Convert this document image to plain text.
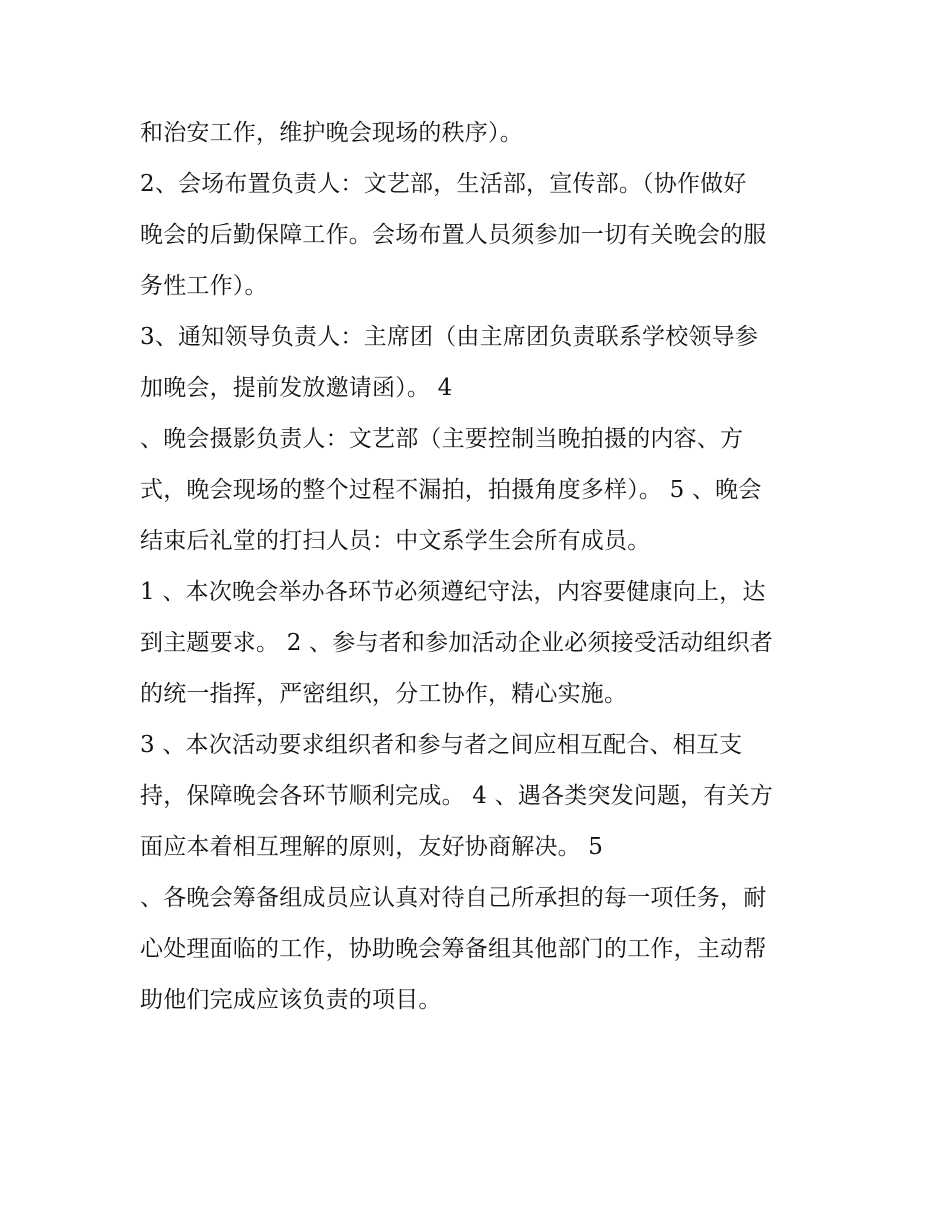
和治安工作，维护晚会现场的秩序）。
2、会场布置负责人：文艺部，生活部，宣传部。（协作做好
晚会的后勤保障工作。会场布置人员须参加一切有关晚会的服
务性工作）。
3、通知领导负责人：主席团（由主席团负责联系学校领导参
加晚会，提前发放邀请函）。 4
、晚会摄影负责人：文艺部（主要控制当晚拍摄的内容、方
式，晚会现场的整个过程不漏拍，拍摄角度多样）。 5 、晚会
结束后礼堂的打扫人员：中文系学生会所有成员。
1 、本次晚会举办各环节必须遵纪守法，内容要健康向上，达
到主题要求。 2 、参与者和参加活动企业必须接受活动组织者
的统一指挥，严密组织，分工协作，精心实施。
3 、本次活动要求组织者和参与者之间应相互配合、相互支
持，保障晚会各环节顺利完成。 4 、遇各类突发问题，有关方
面应本着相互理解的原则，友好协商解决。 5
、各晚会筹备组成员应认真对待自己所承担的每一项任务，耐
心处理面临的工作，协助晚会筹备组其他部门的工作，主动帮
助他们完成应该负责的项目。
